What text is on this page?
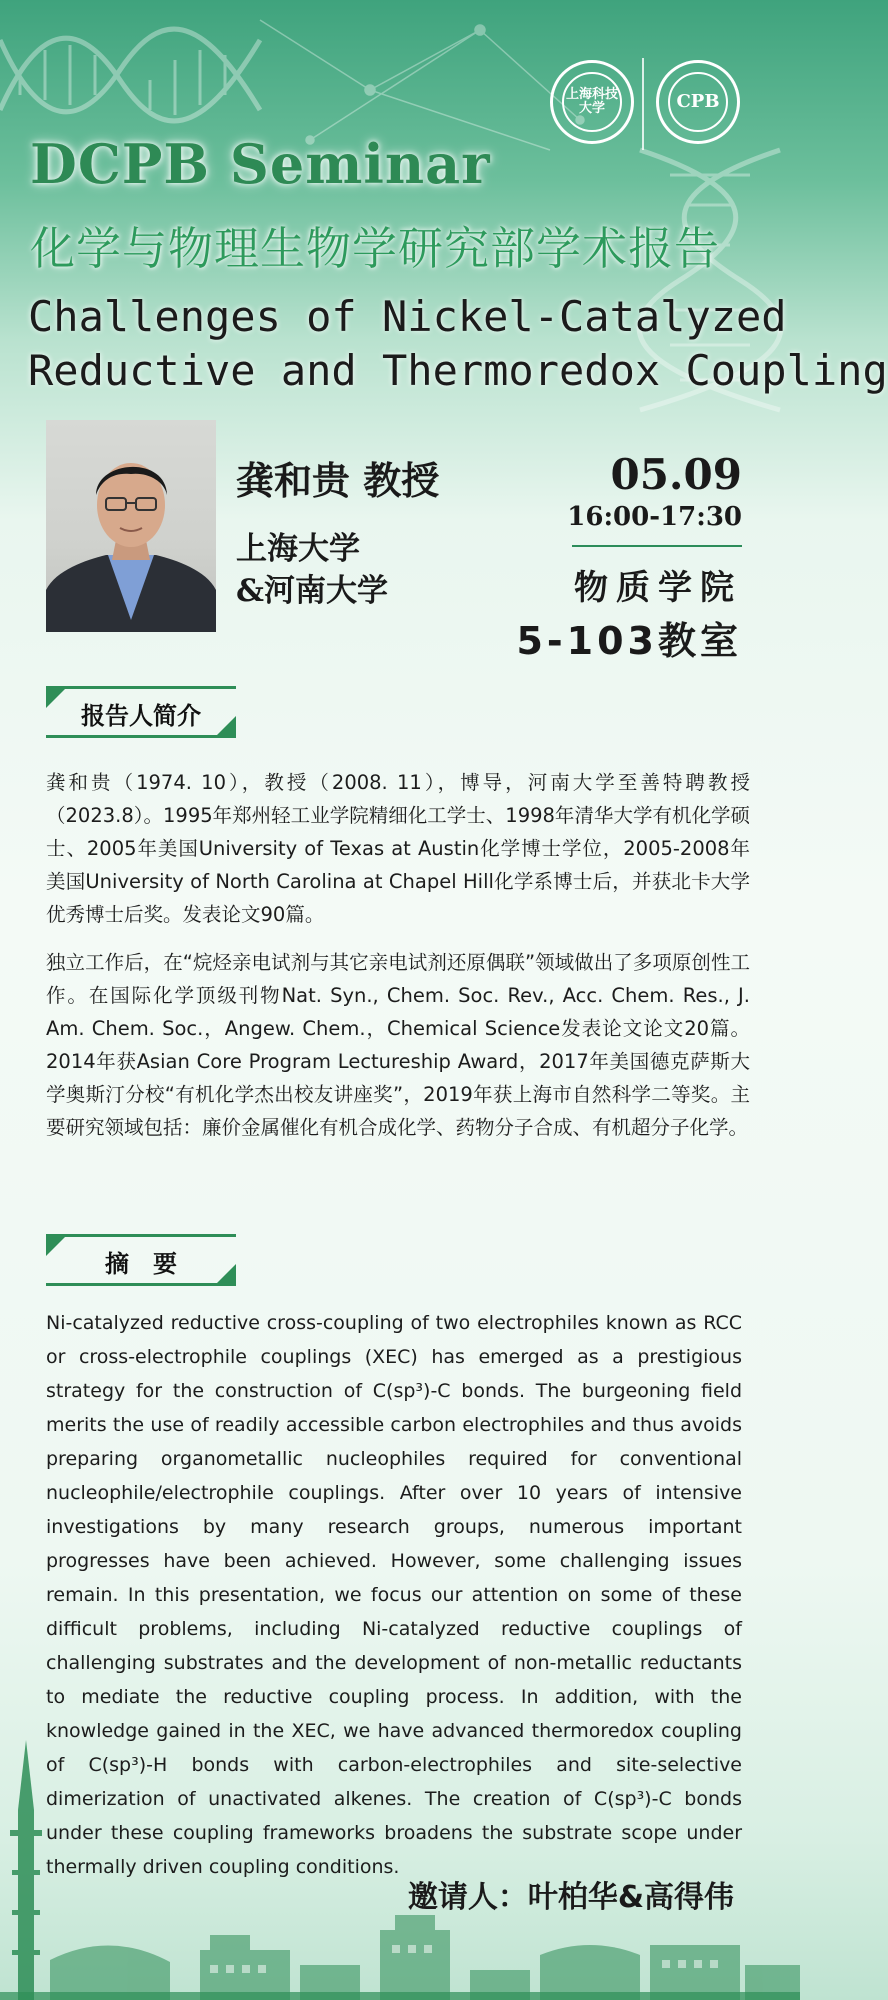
上海科技大学	CPB
DCPB Seminar
化学与物理生物学研究部学术报告
Challenges of Nickel-Catalyzed
Reductive and Thermoredox Coupling
龚和贵 教授
上海大学
&河南大学
05.09
16:00-17:30
物质学院
5-103教室
报告人简介
龚和贵（1974. 10），教授（2008. 11），博导，河南大学至善特聘教授（2023.8）。1995年郑州轻工业学院精细化工学士、1998年清华大学有机化学硕士、2005年美国University of Texas at Austin化学博士学位，2005-2008年美国University of North Carolina at Chapel Hill化学系博士后，并获北卡大学优秀博士后奖。发表论文90篇。
独立工作后，在“烷烃亲电试剂与其它亲电试剂还原偶联”领域做出了多项原创性工作。在国际化学顶级刊物Nat. Syn., Chem. Soc. Rev., Acc. Chem. Res., J. Am. Chem. Soc.，Angew. Chem.，Chemical Science发表论文论文20篇。2014年获Asian Core Program Lectureship Award，2017年美国德克萨斯大学奥斯汀分校“有机化学杰出校友讲座奖”，2019年获上海市自然科学二等奖。主要研究领域包括：廉价金属催化有机合成化学、药物分子合成、有机超分子化学。
摘　要
Ni-catalyzed reductive cross-coupling of two electrophiles known as RCC or cross-electrophile couplings (XEC) has emerged as a prestigious strategy for the construction of C(sp³)-C bonds. The burgeoning field merits the use of readily accessible carbon electrophiles and thus avoids preparing organometallic nucleophiles required for conventional nucleophile/electrophile couplings. After over 10 years of intensive investigations by many research groups, numerous important progresses have been achieved. However, some challenging issues remain. In this presentation, we focus our attention on some of these difficult problems, including Ni-catalyzed reductive couplings of challenging substrates and the development of non-metallic reductants to mediate the reductive coupling process. In addition, with the knowledge gained in the XEC, we have advanced thermoredox coupling of C(sp³)-H bonds with carbon-electrophiles and site-selective dimerization of unactivated alkenes. The creation of C(sp³)-C bonds under these coupling frameworks broadens the substrate scope under thermally driven coupling conditions.
邀请人：叶柏华&高得伟
